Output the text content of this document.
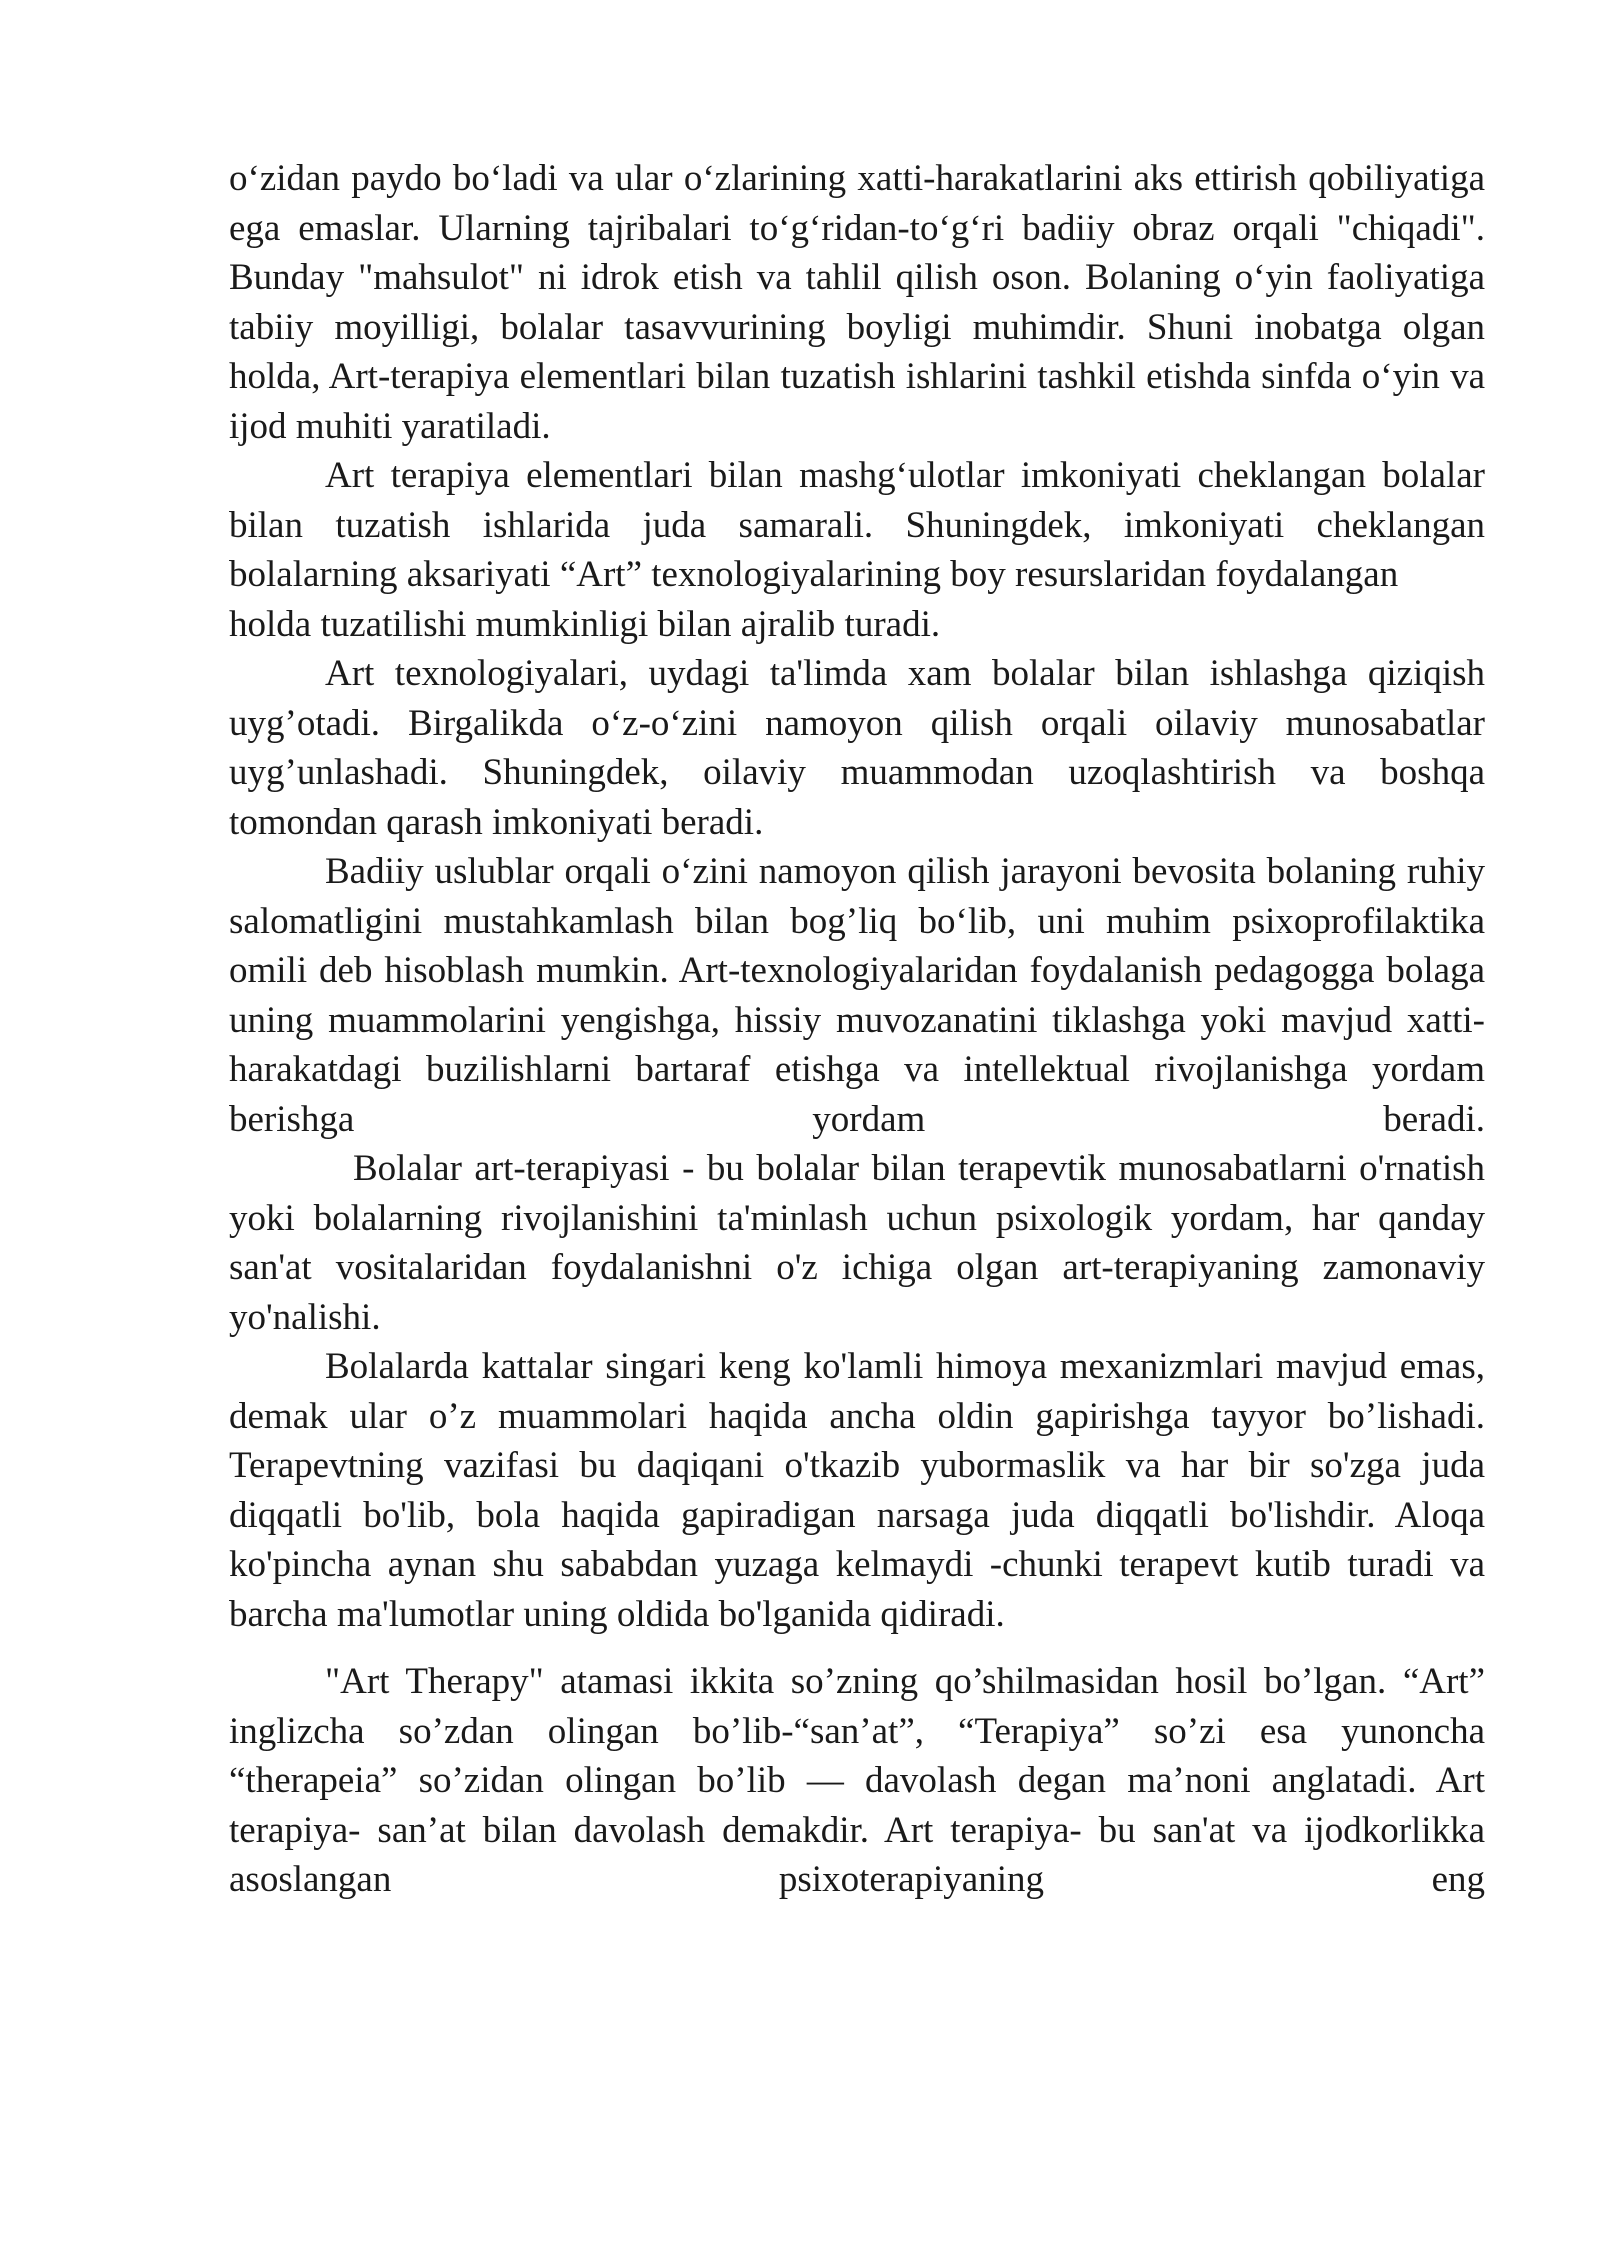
o‘zidan paydo bo‘ladi va ular o‘zlarining xatti-harakatlarini aks ettirish qobiliyatiga ega emaslar. Ularning tajribalari to‘g‘ridan-to‘g‘ri badiiy obraz orqali "chiqadi". Bunday "mahsulot" ni idrok etish va tahlil qilish oson. Bolaning o‘yin faoliyatiga tabiiy moyilligi, bolalar tasavvurining boyligi muhimdir. Shuni inobatga olgan holda, Art-terapiya elementlari bilan tuzatish ishlarini tashkil etishda sinfda o‘yin va ijod muhiti yaratiladi.

Art terapiya elementlari bilan mashg‘ulotlar imkoniyati cheklangan bolalar bilan tuzatish ishlarida juda samarali. Shuningdek, imkoniyati cheklangan bolalarning aksariyati “Art” texnologiyalarining boy resurslaridan foydalangan

holda tuzatilishi mumkinligi bilan ajralib turadi.

Art texnologiyalari, uydagi ta'limda xam bolalar bilan ishlashga qiziqish uyg’otadi. Birgalikda o‘z-o‘zini namoyon qilish orqali oilaviy munosabatlar uyg’unlashadi. Shuningdek, oilaviy muammodan uzoqlashtirish va boshqa tomondan qarash imkoniyati beradi.

Badiiy uslublar orqali o‘zini namoyon qilish jarayoni bevosita bolaning ruhiy salomatligini mustahkamlash bilan bog’liq bo‘lib, uni muhim psixoprofilaktika omili deb hisoblash mumkin. Art-texnologiyalaridan foydalanish pedagogga bolaga uning muammolarini yengishga, hissiy muvozanatini tiklashga yoki mavjud xatti-harakatdagi buzilishlarni bartaraf etishga va intellektual rivojlanishga yordam berishga yordam beradi.

Bolalar art-terapiyasi - bu bolalar bilan terapevtik munosabatlarni o'rnatish yoki bolalarning rivojlanishini ta'minlash uchun psixologik yordam, har qanday san'at vositalaridan foydalanishni o'z ichiga olgan art-terapiyaning zamonaviy yo'nalishi.

Bolalarda kattalar singari keng ko'lamli himoya mexanizmlari mavjud emas, demak ular o’z muammolari haqida ancha oldin gapirishga tayyor bo’lishadi. Terapevtning vazifasi bu daqiqani o'tkazib yubormaslik va har bir so'zga juda diqqatli bo'lib, bola haqida gapiradigan narsaga juda diqqatli bo'lishdir. Aloqa ko'pincha aynan shu sababdan yuzaga kelmaydi -chunki terapevt kutib turadi va barcha ma'lumotlar uning oldida bo'lganida qidiradi.

"Art Therapy" atamasi ikkita so’zning qo’shilmasidan hosil bo’lgan. “Art” inglizcha so’zdan olingan bo’lib-“san’at”, “Terapiya” so’zi esa yunoncha “therapeia” so’zidan olingan bo’lib — davolash degan ma’noni anglatadi. Art terapiya- san’at bilan davolash demakdir. Art terapiya- bu san'at va ijodkorlikka asoslangan psixoterapiyaning eng
